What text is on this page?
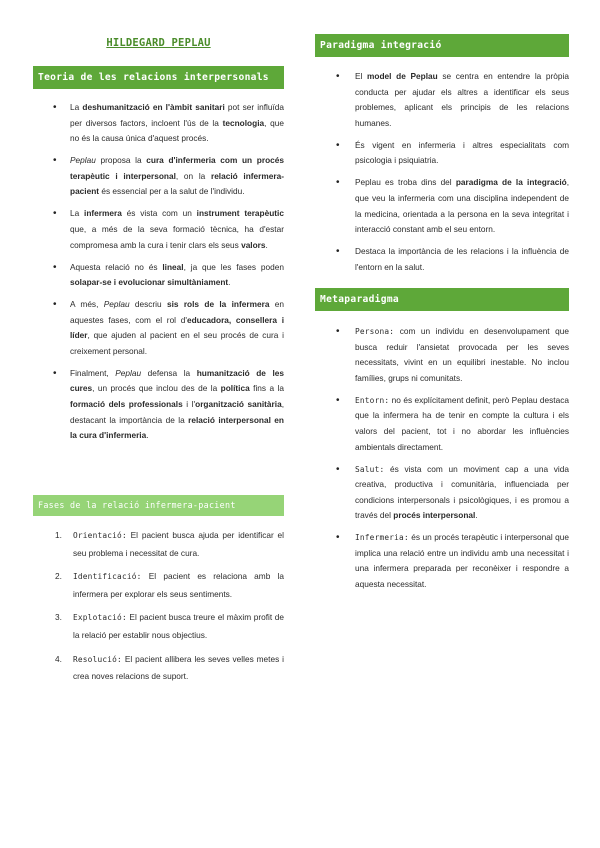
HILDEGARD PEPLAU
Teoria de les relacions interpersonals
• La deshumanització en l'àmbit sanitari pot ser influïda per diversos factors, incloent l'ús de la tecnologia, que no és la causa única d'aquest procés.
• Peplau proposa la cura d'infermeria com un procés terapèutic i interpersonal, on la relació infermera-pacient és essencial per a la salut de l'individu.
• La infermera és vista com un instrument terapèutic que, a més de la seva formació tècnica, ha d'estar compromesa amb la cura i tenir clars els seus valors.
• Aquesta relació no és lineal, ja que les fases poden solapar-se i evolucionar simultàniament.
• A més, Peplau descriu sis rols de la infermera en aquestes fases, com el rol d'educadora, consellera i líder, que ajuden al pacient en el seu procés de cura i creixement personal.
• Finalment, Peplau defensa la humanització de les cures, un procés que inclou des de la política fins a la formació dels professionals i l'organització sanitària, destacant la importància de la relació interpersonal en la cura d'infermeria.
Fases de la relació infermera-pacient
1. Orientació: El pacient busca ajuda per identificar el seu problema i necessitat de cura.
2. Identificació: El pacient es relaciona amb la infermera per explorar els seus sentiments.
3. Explotació: El pacient busca treure el màxim profit de la relació per establir nous objectius.
4. Resolució: El pacient allibera les seves velles metes i crea noves relacions de suport.
Paradigma integració
• El model de Peplau se centra en entendre la pròpia conducta per ajudar els altres a identificar els seus problemes, aplicant els principis de les relacions humanes.
• És vigent en infermeria i altres especialitats com psicologia i psiquiatria.
• Peplau es troba dins del paradigma de la integració, que veu la infermeria com una disciplina independent de la medicina, orientada a la persona en la seva integritat i interacció constant amb el seu entorn.
• Destaca la importància de les relacions i la influència de l'entorn en la salut.
Metaparadigma
• Persona: com un individu en desenvolupament que busca reduir l'ansietat provocada per les seves necessitats, vivint en un equilibri inestable. No inclou famílies, grups ni comunitats.
• Entorn: no és explícitament definit, però Peplau destaca que la infermera ha de tenir en compte la cultura i els valors del pacient, tot i no abordar les influències ambientals directament.
• Salut: és vista com un moviment cap a una vida creativa, productiva i comunitària, influenciada per condicions interpersonals i psicològiques, i es promou a través del procés interpersonal.
• Infermeria: és un procés terapèutic i interpersonal que implica una relació entre un individu amb una necessitat i una infermera preparada per reconèixer i respondre a aquesta necessitat.
